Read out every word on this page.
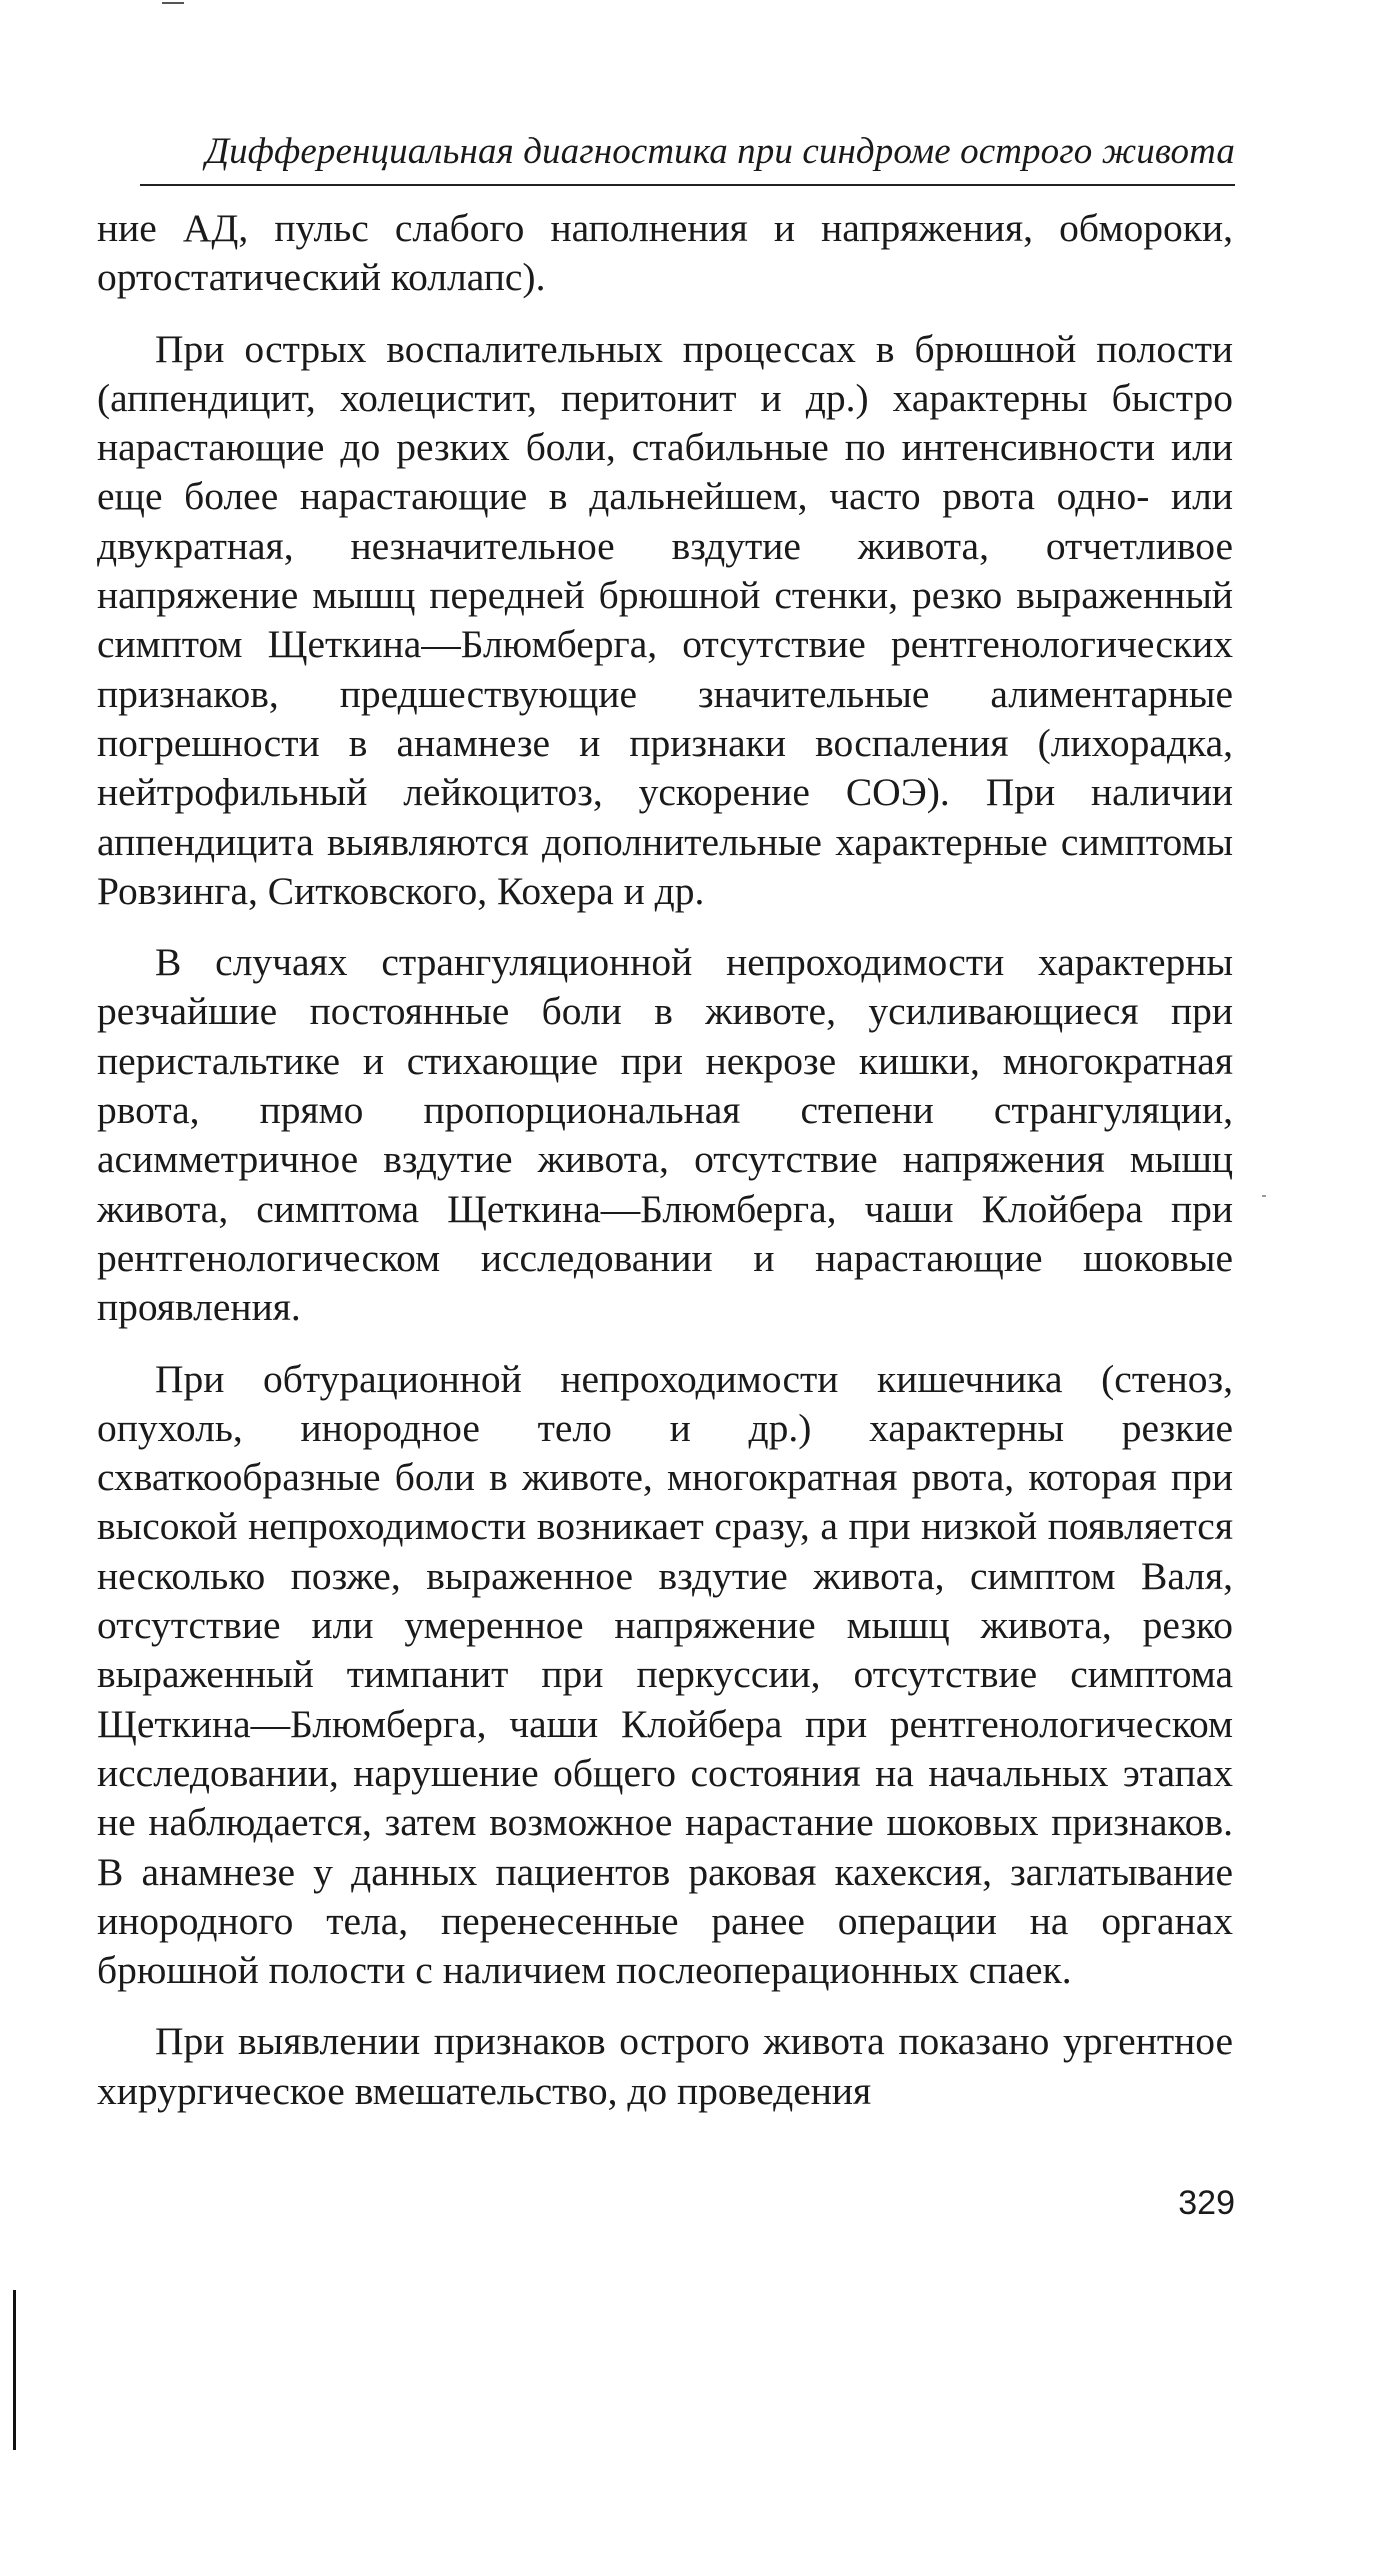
Дифференциальная диагностика при синдроме острого живота

ние АД, пульс слабого наполнения и напряжения, обмороки, ортостатический коллапс).

При острых воспалительных процессах в брюшной полости (аппендицит, холецистит, перитонит и др.) характерны быстро нарастающие до резких боли, стабильные по интенсивности или еще более нарастающие в дальнейшем, часто рвота одно- или двукратная, незначительное вздутие живота, отчетливое напряжение мышц передней брюшной стенки, резко выраженный симптом Щеткина—Блюмберга, отсутствие рентгенологических признаков, предшествующие значительные алиментарные погрешности в анамнезе и признаки воспаления (лихорадка, нейтрофильный лейкоцитоз, ускорение СОЭ). При наличии аппендицита выявляются дополнительные характерные симптомы Ровзинга, Ситковского, Кохера и др.

В случаях странгуляционной непроходимости характерны резчайшие постоянные боли в животе, усиливающиеся при перистальтике и стихающие при некрозе кишки, многократная рвота, прямо пропорциональная степени странгуляции, асимметричное вздутие живота, отсутствие напряжения мышц живота, симптома Щеткина—Блюмберга, чаши Клойбера при рентгенологическом исследовании и нарастающие шоковые проявления.

При обтурационной непроходимости кишечника (стеноз, опухоль, инородное тело и др.) характерны резкие схваткообразные боли в животе, многократная рвота, которая при высокой непроходимости возникает сразу, а при низкой появляется несколько позже, выраженное вздутие живота, симптом Валя, отсутствие или умеренное напряжение мышц живота, резко выраженный тимпанит при перкуссии, отсутствие симптома Щеткина—Блюмберга, чаши Клойбера при рентгенологическом исследовании, нарушение общего состояния на начальных этапах не наблюдается, затем возможное нарастание шоковых признаков. В анамнезе у данных пациентов раковая кахексия, заглатывание инородного тела, перенесенные ранее операции на органах брюшной полости с наличием послеоперационных спаек.

При выявлении признаков острого живота показано ургентное хирургическое вмешательство, до проведения

329
